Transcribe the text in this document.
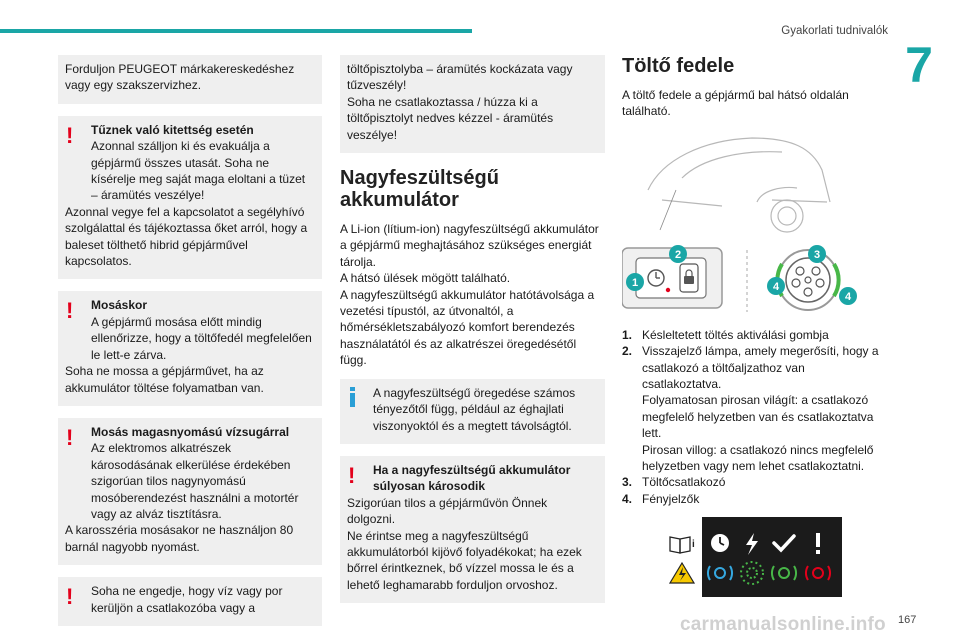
Gyakorlati tudnivalók
7

Forduljon PEUGEOT márkakereskedéshez vagy egy szakszervizhez.

!	Tűznek való kitettség esetén

Azonnal szálljon ki és evakuálja a gépjármű összes utasát. Soha ne kísérelje meg saját maga eloltani a tüzet – áramütés veszélye!

Azonnal vegye fel a kapcsolatot a segélyhívó szolgálattal és tájékoztassa őket arról, hogy a baleset tölthető hibrid gépjárművel kapcsolatos.

!	Mosáskor

A gépjármű mosása előtt mindig ellenőrizze, hogy a töltőfedél megfelelően le lett-e zárva.

Soha ne mossa a gépjárművet, ha az akkumulátor töltése folyamatban van.

!	Mosás magasnyomású vízsugárral

Az elektromos alkatrészek károsodásának elkerülése érdekében szigorúan tilos nagynyomású mosóberendezést használni a motortér vagy az alváz tisztításra.

A karosszéria mosásakor ne használjon 80 barnál nagyobb nyomást.

!	Soha ne engedje, hogy víz vagy por kerüljön a csatlakozóba vagy a

töltőpisztolyba – áramütés kockázata vagy tűzveszély!

Soha ne csatlakoztassa / húzza ki a töltőpisztolyt nedves kézzel - áramütés veszélye!

Nagyfeszültségű akkumulátor
A Li-ion (lítium-ion) nagyfeszültségű akkumulátor a gépjármű meghajtásához szükséges energiát tárolja.
A hátsó ülések mögött található.
A nagyfeszültségű akkumulátor hatótávolsága a vezetési típustól, az útvonaltól, a hőmérsékletszabályozó komfort berendezés használatától és az alkatrészei öregedésétől függ.

A nagyfeszültségű öregedése számos tényezőtől függ, például az éghajlati viszonyoktól és a megtett távolságtól.

!	Ha a nagyfeszültségű akkumulátor súlyosan károsodik

Szigorúan tilos a gépjárművön Önnek dolgozni.

Ne érintse meg a nagyfeszültségű akkumulátorból kijövő folyadékokat; ha ezek bőrrel érintkeznek, bő vízzel mossa le és a lehető leghamarabb forduljon orvoshoz.

Töltő fedele
A töltő fedele a gépjármű bal hátsó oldalán található.
1
2	3
4
4
1. Késleltetett töltés aktiválási gombja
2. Visszajelző lámpa, amely megerősíti, hogy a csatlakozó a töltőaljzathoz van csatlakoztatva.
Folyamatosan pirosan világít: a csatlakozó megfelelő helyzetben van és csatlakoztatva lett.
Pirosan villog: a csatlakozó nincs megfelelő helyzetben vagy nem lehet csatlakoztatni.
3. Töltőcsatlakozó
4. Fényjelzők
i
carmanualsonline.info 167
